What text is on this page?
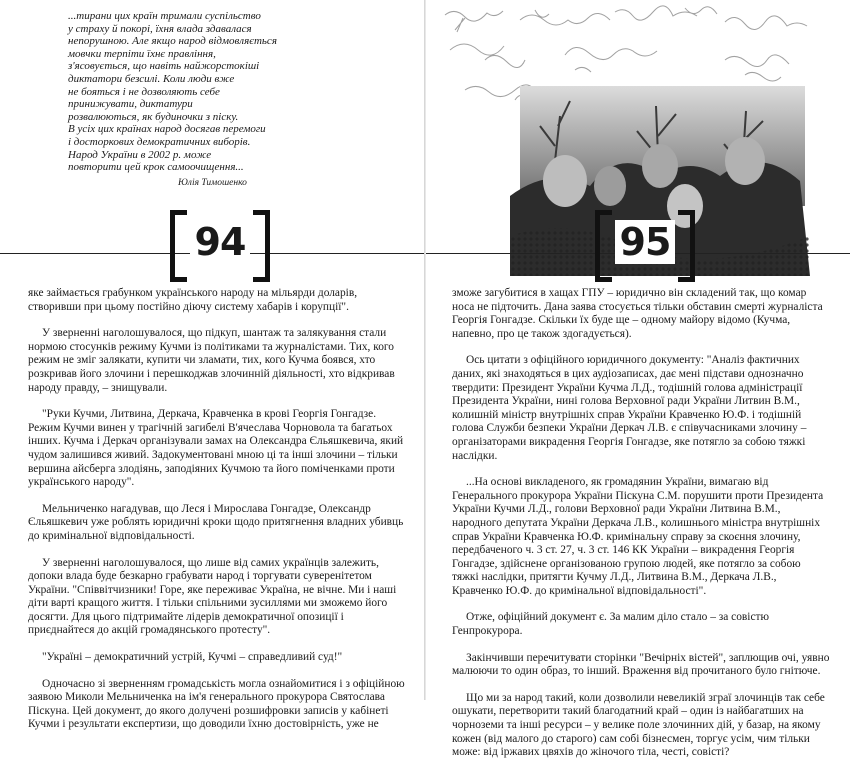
...тирани цих країн тримали суспільство
у страху й покорі, їхня влада здавалася
непорушною. Але якщо народ відмовляється
мовчки терпіти їхнє правління,
з'ясовується, що навіть найжорстокіші
диктатори безсилі. Коли люди вже
не бояться і не дозволяють себе
принижувати, диктатури
розвалюються, як будиночки з піску.
В усіх цих країнах народ досягав перемоги
і досторкових демократичних виборів.
Народ України в 2002 р. може
повторити цей крок самоочищення...
Юлія Тимошенко
94

яке займається грабунком українського народу на мільярди доларів, створивши при цьому постійно діючу систему хабарів і корупції".

У зверненні наголошувалося, що підкуп, шантаж та залякування стали нормою стосунків режиму Кучми із політиками та журналістами. Тих, кого режим не зміг залякати, купити чи зламати, тих, кого Кучма боявся, хто розкривав його злочини і перешкоджав злочинній діяльності, хто відкривав народу правду, – знищували.

"Руки Кучми, Литвина, Деркача, Кравченка в крові Георгія Гонгадзе. Режим Кучми винен у трагічній загибелі В'ячеслава Чорновола та багатьох інших. Кучма і Деркач організували замах на Олександра Єльяшкевича, який чудом залишився живий. Задокументовані мною ці та інші злочини – тільки вершина айсберга злодіянь, заподіяних Кучмою та його поміченками проти українського народу".

Мельниченко нагадував, що Леся і Мирослава Гонгадзе, Олександр Єльяшкевич уже роблять юридичні кроки щодо притягнення владних убивць до кримінальної відповідальності.

У зверненні наголошувалося, що лише від самих українців залежить, допоки влада буде безкарно грабувати народ і торгувати суверенітетом України. "Співвітчизники! Горе, яке переживає Україна, не вічне. Ми і наші діти варті кращого життя. І тільки спільними зусиллями ми зможемо його досягти. Для цього підтримайте лідерів демократичної опозиції і приєднайтеся до акцій громадянського протесту".

"Україні – демократичний устрій, Кучмі – справедливий суд!"

Одночасно зі зверненням громадськість могла ознайомитися і з офіційною заявою Миколи Мельниченка на ім'я генерального прокурора Святослава Піскуна. Цей документ, до якого долучені розшифровки записів у кабінеті Кучми і результати експертизи, що доводили їхню достовірність, уже не

95

зможе загубитися в хащах ГПУ – юридично він складений так, що комар носа не підточить. Дана заява стосується тільки обставин смерті журналіста Георгія Гонгадзе. Скільки їх буде ще – одному майору відомо (Кучма, напевно, про це також здогадується).

Ось цитати з офіційного юридичного документу: "Аналіз фактичних даних, які знаходяться в цих аудіозаписах, дає мені підстави однозначно твердити: Президент України Кучма Л.Д., тодішній голова адміністрації Президента України, нині голова Верховної ради України Литвин В.М., колишній міністр внутрішніх справ України Кравченко Ю.Ф. і тодішній голова Служби безпеки України Деркач Л.В. є співучасниками злочину – організаторами викрадення Георгія Гонгадзе, яке потягло за собою тяжкі наслідки.

...На основі викладеного, як громадянин України, вимагаю від Генерального прокурора України Піскуна С.М. порушити проти Президента України Кучми Л.Д., голови Верховної ради України Литвина В.М., народного депутата України Деркача Л.В., колишнього міністра внутрішніх справ України Кравченка Ю.Ф. кримінальну справу за скоєння злочину, передбаченого ч. 3 ст. 27, ч. 3 ст. 146 КК України – викрадення Георгія Гонгадзе, здійснене організованою групою людей, яке потягло за собою тяжкі наслідки, притягти Кучму Л.Д., Литвина В.М., Деркача Л.В., Кравченко Ю.Ф. до кримінальної відповідальності".

Отже, офіційний документ є. За малим діло стало – за совістю Генпрокурора.

Закінчивши перечитувати сторінки "Вечірніх вістей", заплющив очі, уявно малюючи то один образ, то інший. Враження від прочитаного було гнітюче.

Що ми за народ такий, коли дозволили невеликій зграї злочинців так себе ошукати, перетворити такий благодатний край – один із найбагатших на чорноземи та інші ресурси – у велике поле злочинних дій, у базар, на якому кожен (від малого до старого) сам собі бізнесмен, торгує усім, чим тільки може: від іржавих цвяхів до жіночого тіла, честі, совісті?
